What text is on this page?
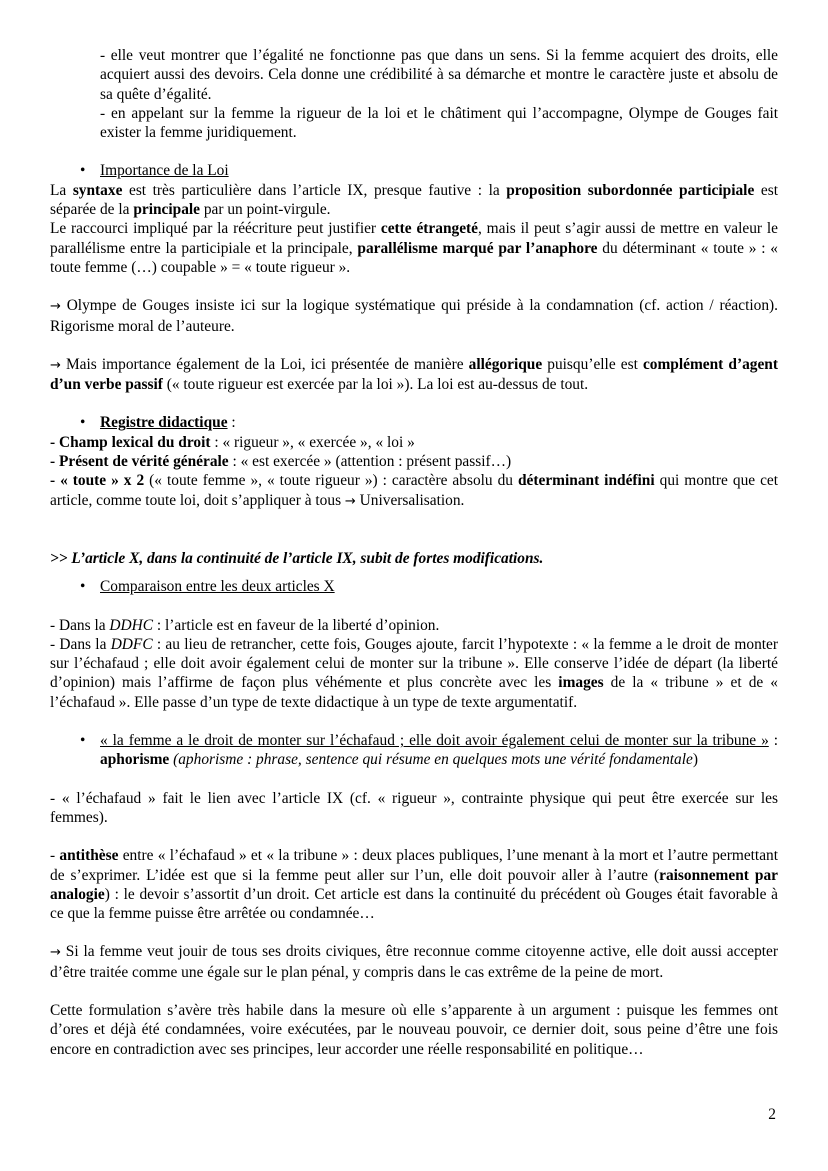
- elle veut montrer que l’égalité ne fonctionne pas que dans un sens. Si la femme acquiert des droits, elle acquiert aussi des devoirs. Cela donne une crédibilité à sa démarche et montre le caractère juste et absolu de sa quête d’égalité.

- en appelant sur la femme la rigueur de la loi et le châtiment qui l’accompagne, Olympe de Gouges fait exister la femme juridiquement.

• Importance de la Loi

La syntaxe est très particulière dans l’article IX, presque fautive : la proposition subordonnée participiale est séparée de la principale par un point-virgule.

Le raccourci impliqué par la réécriture peut justifier cette étrangeté, mais il peut s’agir aussi de mettre en valeur le parallélisme entre la participiale et la principale, parallélisme marqué par l’anaphore du déterminant « toute » : « toute femme (…) coupable » = « toute rigueur ».

→ Olympe de Gouges insiste ici sur la logique systématique qui préside à la condamnation (cf. action / réaction). Rigorisme moral de l’auteure.

→ Mais importance également de la Loi, ici présentée de manière allégorique puisqu’elle est complément d’agent d’un verbe passif (« toute rigueur est exercée par la loi »). La loi est au-dessus de tout.

• Registre didactique :

- Champ lexical du droit : « rigueur », « exercée », « loi »

- Présent de vérité générale : « est exercée » (attention : présent passif…)

- « toute » x 2 (« toute femme », « toute rigueur ») : caractère absolu du déterminant indéfini qui montre que cet article, comme toute loi, doit s’appliquer à tous → Universalisation.

>> L’article X, dans la continuité de l’article IX, subit de fortes modifications.

• Comparaison entre les deux articles X

- Dans la DDHC : l’article est en faveur de la liberté d’opinion.

- Dans la DDFC : au lieu de retrancher, cette fois, Gouges ajoute, farcit l’hypotexte : « la femme a le droit de monter sur l’échafaud ; elle doit avoir également celui de monter sur la tribune ». Elle conserve l’idée de départ (la liberté d’opinion) mais l’affirme de façon plus véhémente et plus concrète avec les images de la « tribune » et de « l’échafaud ». Elle passe d’un type de texte didactique à un type de texte argumentatif.

• « la femme a le droit de monter sur l’échafaud ; elle doit avoir également celui de monter sur la tribune » : aphorisme (aphorisme : phrase, sentence qui résume en quelques mots une vérité fondamentale)

- « l’échafaud » fait le lien avec l’article IX (cf. « rigueur », contrainte physique qui peut être exercée sur les femmes).

- antithèse entre « l’échafaud » et « la tribune » : deux places publiques, l’une menant à la mort et l’autre permettant de s’exprimer. L’idée est que si la femme peut aller sur l’un, elle doit pouvoir aller à l’autre (raisonnement par analogie) : le devoir s’assortit d’un droit. Cet article est dans la continuité du précédent où Gouges était favorable à ce que la femme puisse être arrêtée ou condamnée…

→ Si la femme veut jouir de tous ses droits civiques, être reconnue comme citoyenne active, elle doit aussi accepter d’être traitée comme une égale sur le plan pénal, y compris dans le cas extrême de la peine de mort.

Cette formulation s’avère très habile dans la mesure où elle s’apparente à un argument : puisque les femmes ont d’ores et déjà été condamnées, voire exécutées, par le nouveau pouvoir, ce dernier doit, sous peine d’être une fois encore en contradiction avec ses principes, leur accorder une réelle responsabilité en politique…

2
